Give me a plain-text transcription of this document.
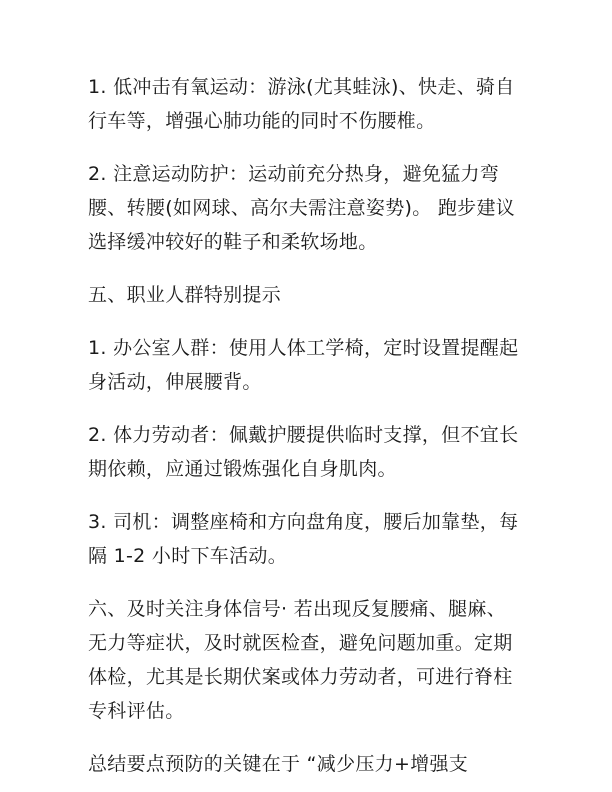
1. 低冲击有氧运动：游泳(尤其蛙泳)、快走、骑自行车等，增强心肺功能的同时不伤腰椎。

2. 注意运动防护：运动前充分热身，避免猛力弯腰、转腰(如网球、高尔夫需注意姿势)。 跑步建议选择缓冲较好的鞋子和柔软场地。

五、职业人群特别提示

1. 办公室人群：使用人体工学椅，定时设置提醒起身活动，伸展腰背。

2. 体力劳动者：佩戴护腰提供临时支撑，但不宜长期依赖，应通过锻炼强化自身肌肉。

3. 司机：调整座椅和方向盘角度，腰后加靠垫，每隔 1-2 小时下车活动。

六、及时关注身体信号· 若出现反复腰痛、腿麻、无力等症状，及时就医检查，避免问题加重。定期体检，尤其是长期伏案或体力劳动者，可进行脊柱专科评估。

总结要点预防的关键在于 “减少压力+增强支
